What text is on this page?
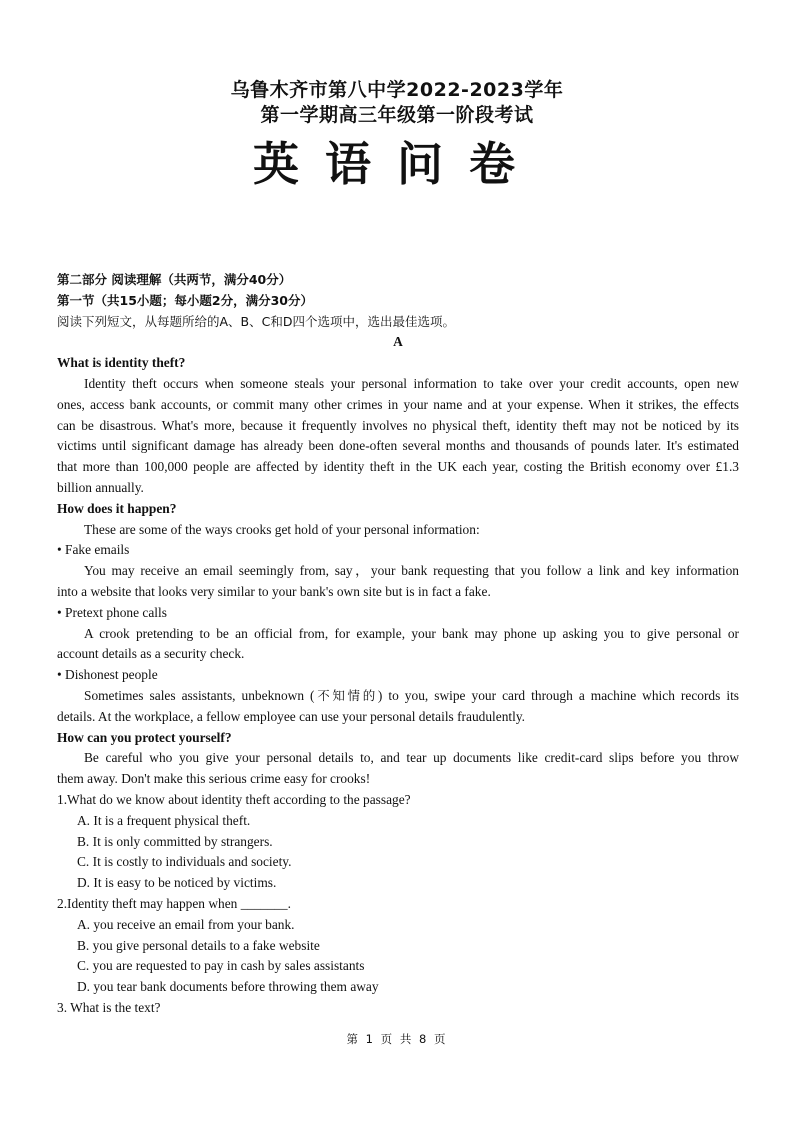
乌鲁木齐市第八中学2022-2023学年
第一学期高三年级第一阶段考试
英语问卷
第二部分 阅读理解（共两节，满分40分）
第一节（共15小题；每小题2分，满分30分）
阅读下列短文，从每题所给的A、B、C和D四个选项中，选出最佳选项。
A
What is identity theft?
Identity theft occurs when someone steals your personal information to take over your credit accounts, open new
ones, access bank accounts, or commit many other crimes in your name and at your expense. When it strikes, the effects
can be disastrous. What's more, because it frequently involves no physical theft, identity theft may not be noticed by its
victims until significant damage has already been done-often several months and thousands of pounds later. It's estimated
that more than 100,000 people are affected by identity theft in the UK each year, costing the British economy over £1.3
billion annually.
How does it happen?
These are some of the ways crooks get hold of your personal information:
• Fake emails
You may receive an email seemingly from, say，your bank requesting that you follow a link and key information
into a website that looks very similar to your bank's own site but is in fact a fake.
• Pretext phone calls
A crook pretending to be an official from, for example, your bank may phone up asking you to give personal or
account details as a security check.
• Dishonest people
Sometimes sales assistants, unbeknown (不知情的) to you, swipe your card through a machine which records its
details. At the workplace, a fellow employee can use your personal details fraudulently.
How can you protect yourself?
Be careful who you give your personal details to, and tear up documents like credit-card slips before you throw
them away. Don't make this serious crime easy for crooks!
1.What do we know about identity theft according to the passage?
A. It is a frequent physical theft.
B. It is only committed by strangers.
C. It is costly to individuals and society.
D. It is easy to be noticed by victims.
2.Identity theft may happen when _______.
A. you receive an email from your bank.
B. you give personal details to a fake website
C. you are requested to pay in cash by sales assistants
D. you tear bank documents before throwing them away
3. What is the text?
第 1 页 共 8 页
